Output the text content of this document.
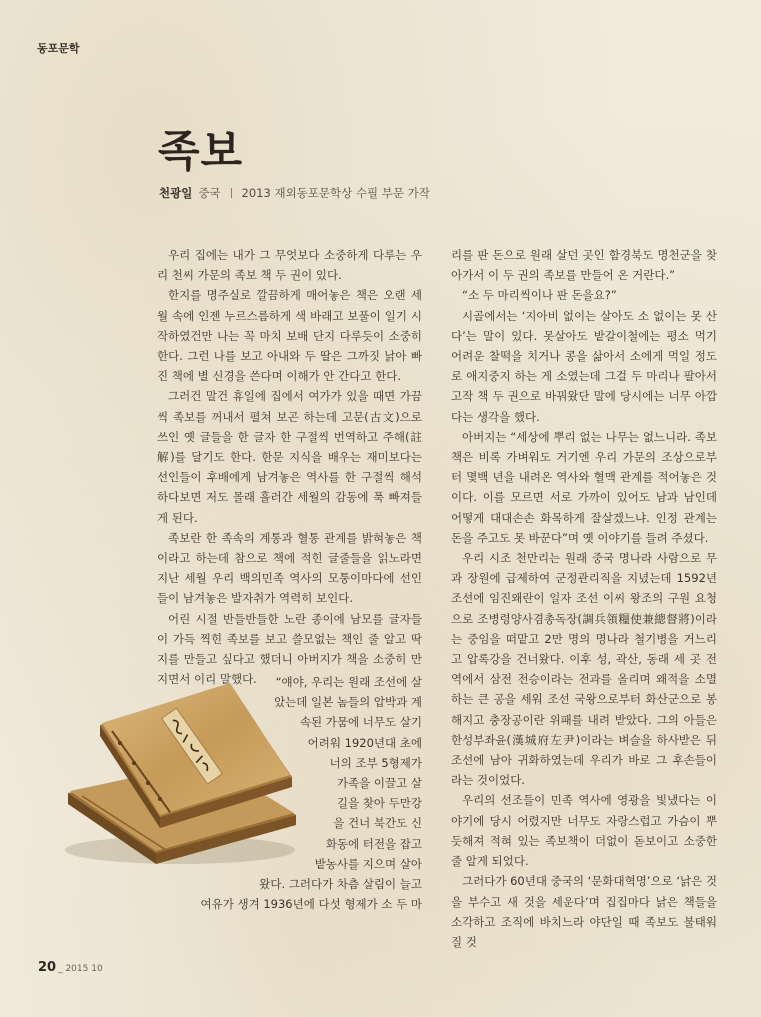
동포문학
족보
천광일 중국 2013 재외동포문학상 수필 부문 가작

우리 집에는 내가 그 무엇보다 소중하게 다루는 우리 천씨 가문의 족보 책 두 권이 있다.

한지를 명주실로 깔끔하게 매어놓은 책은 오랜 세월 속에 인젠 누르스름하게 색 바래고 보풀이 일기 시작하였건만 나는 꼭 마치 보배 단지 다루듯이 소중히 한다. 그런 나를 보고 아내와 두 딸은 그까짓 낡아 빠진 책에 별 신경을 쓴다며 이해가 안 간다고 한다.

그러건 말건 휴일에 집에서 여가가 있을 때면 가끔씩 족보를 꺼내서 펼쳐 보곤 하는데 고문(古文)으로 쓰인 옛 글들을 한 글자 한 구절씩 번역하고 주해(註解)를 달기도 한다. 한문 지식을 배우는 재미보다는 선인들이 후배에게 남겨놓은 역사를 한 구절씩 해석하다보면 저도 몰래 흘러간 세월의 감동에 푹 빠져들게 된다.

족보란 한 족속의 계통과 혈통 관계를 밝혀놓은 책이라고 하는데 참으로 책에 적힌 글줄들을 읽노라면 지난 세월 우리 백의민족 역사의 모퉁이마다에 선인들이 남겨놓은 발자취가 역력히 보인다.

어린 시절 반들반들한 노란 종이에 남모를 글자들이 가득 찍힌 족보를 보고 쓸모없는 책인 줄 알고 딱지를 만들고 싶다고 했더니 아버지가 책을 소중히 만지면서 이리 말했다.	“얘야, 우리는 원래 조선에 살
았는데 일본 놈들의 압박과 계
속된 가뭄에 너무도 살기
어려워 1920년대 초에
너의 조부 5형제가
가족을 이끌고 살
길을 찾아 두만강
을 건너 북간도 신
화동에 터전을 잡고
밭농사를 지으며 살아
왔다. 그러다가 차츰 살림이 늘고
여유가 생겨 1936년에 다섯 형제가 소 두 마

리를 판 돈으로 원래 살던 곳인 함경북도 명천군을 찾아가서 이 두 권의 족보를 만들어 온 거란다.”

“소 두 마리씩이나 판 돈을요?”

시골에서는 ‘지아비 없이는 살아도 소 없이는 못 산다’는 말이 있다. 못살아도 밭갈이철에는 평소 먹기 어려운 찰떡을 치거나 콩을 삶아서 소에게 먹일 정도로 애지중지 하는 게 소였는데 그걸 두 마리나 팔아서 고작 책 두 권으로 바꿔왔단 말에 당시에는 너무 아깝다는 생각을 했다.

아버지는 “세상에 뿌리 없는 나무는 없느니라. 족보책은 비록 가벼워도 거기엔 우리 가문의 조상으로부터 몇백 년을 내려온 역사와 혈맥 관계를 적어놓은 것이다. 이를 모르면 서로 가까이 있어도 남과 남인데 어떻게 대대손손 화목하게 잘살겠느냐. 인정 관계는 돈을 주고도 못 바꾼다”며 옛 이야기를 들려 주셨다.

우리 시조 천만리는 원래 중국 명나라 사람으로 무과 장원에 급제하여 군정관리직을 지녔는데 1592년 조선에 임진왜란이 일자 조선 이씨 왕조의 구원 요청으로 조병령양사겸총독장(調兵領糧使兼總督將)이라는 중임을 떠맡고 2만 명의 명나라 철기병을 거느리고 압록강을 건너왔다. 이후 성, 곽산, 동래 세 곳 전역에서 삼전 전승이라는 전과를 올리며 왜적을 소멸하는 큰 공을 세워 조선 국왕으로부터 화산군으로 봉해지고 충장공이란 위패를 내려 받았다. 그의 아들은 한성부좌윤(漢城府左尹)이라는 벼슬을 하사받은 뒤 조선에 남아 귀화하였는데 우리가 바로 그 후손들이라는 것이었다.

우리의 선조들이 민족 역사에 영광을 빛냈다는 이야기에 당시 어렸지만 너무도 자랑스럽고 가슴이 뿌듯해져 적혀 있는 족보책이 더없이 돋보이고 소중한 줄 알게 되었다.

그러다가 60년대 중국의 ‘문화대혁명’으로 ‘낡은 것을 부수고 새 것을 세운다’며 집집마다 낡은 책들을 소각하고 조직에 바치느라 야단일 때 족보도 불태워질 것

20 _ 2015 10
